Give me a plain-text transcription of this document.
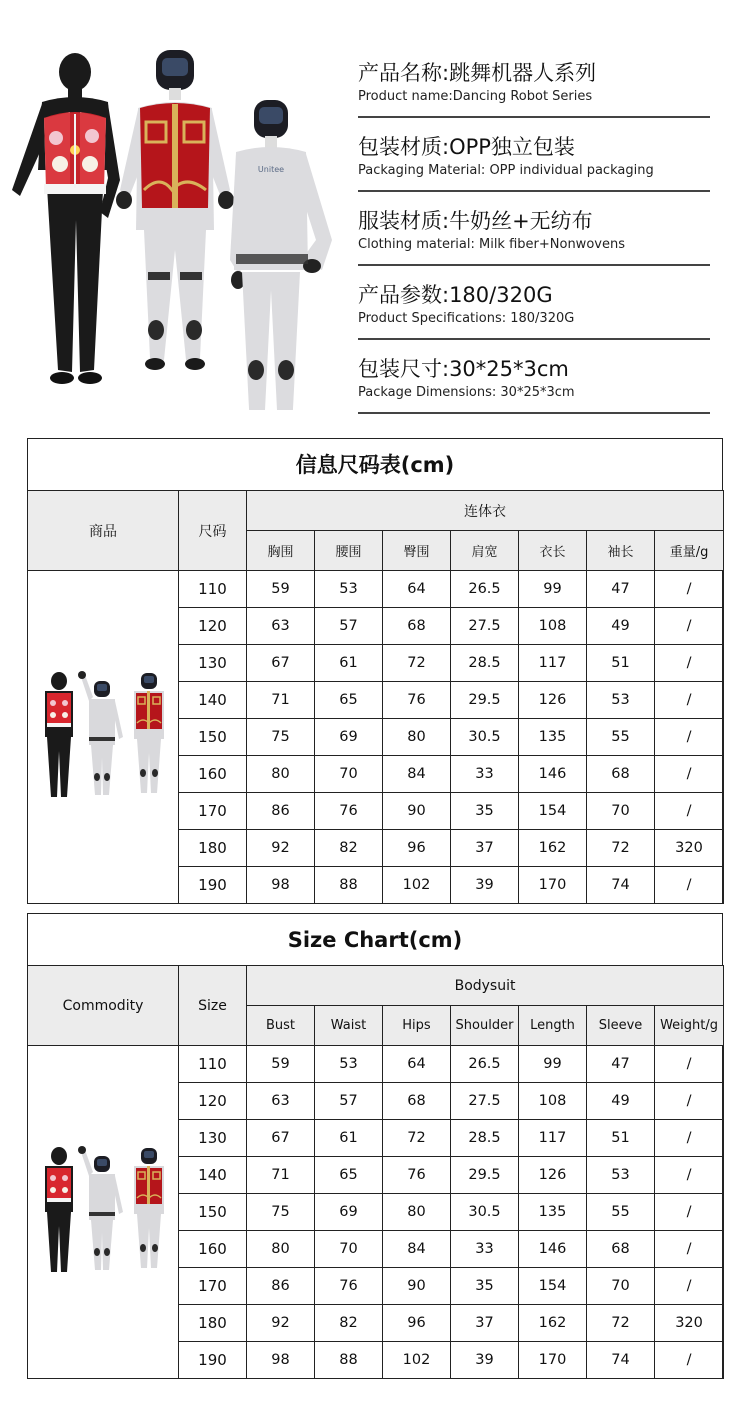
Unitee
产品名称:跳舞机器人系列
Product name:Dancing Robot Series
包装材质:OPP独立包装
Packaging Material: OPP individual packaging
服装材质:牛奶丝+无纺布
Clothing material: Milk fiber+Nonwovens
产品参数:180/320G
Product Specifications: 180/320G
包装尺寸:30*25*3cm
Package Dimensions: 30*25*3cm
信息尺码表(cm)
商品	尺码	连体衣						
		胸围	腰围	臀围	肩宽	衣长	袖长	重量/g

	110	59	53	64	26.5	99	47	/
	120	63	57	68	27.5	108	49	/
	130	67	61	72	28.5	117	51	/
	140	71	65	76	29.5	126	53	/
	150	75	69	80	30.5	135	55	/
	160	80	70	84	33	146	68	/
	170	86	76	90	35	154	70	/
	180	92	82	96	37	162	72	320
	190	98	88	102	39	170	74	/
Size Chart(cm)
Commodity	Size	Bodysuit						
		Bust	Waist	Hips	Shoulder	Length	Sleeve	Weight/g

	110	59	53	64	26.5	99	47	/
	120	63	57	68	27.5	108	49	/
	130	67	61	72	28.5	117	51	/
	140	71	65	76	29.5	126	53	/
	150	75	69	80	30.5	135	55	/
	160	80	70	84	33	146	68	/
	170	86	76	90	35	154	70	/
	180	92	82	96	37	162	72	320
	190	98	88	102	39	170	74	/
